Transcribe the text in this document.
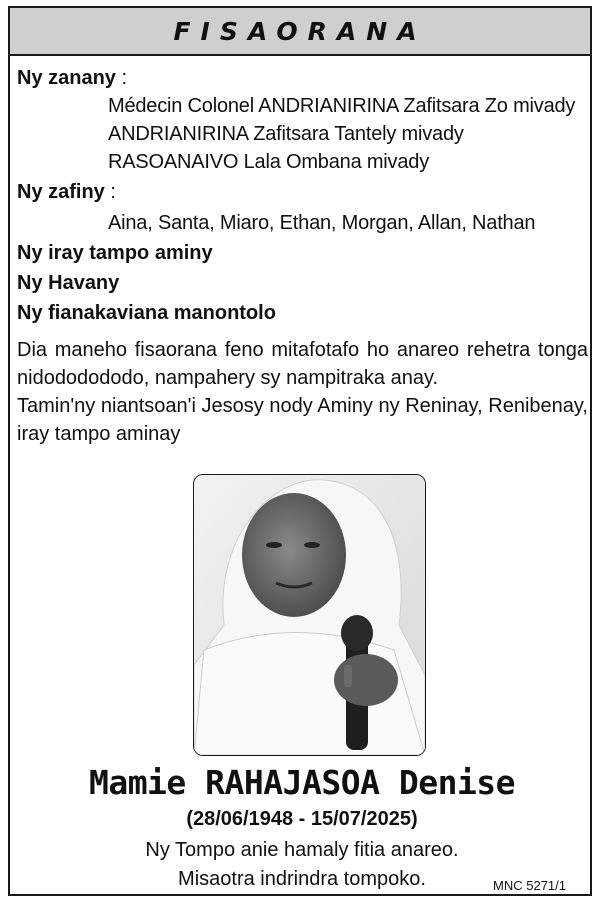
FISAORANA
Ny zanany :
Médecin Colonel ANDRIANIRINA Zafitsara Zo mivady
ANDRIANIRINA Zafitsara Tantely mivady
RASOANAIVO Lala Ombana mivady
Ny zafiny :
Aina, Santa, Miaro, Ethan, Morgan, Allan, Nathan
Ny iray tampo aminy
Ny Havany
Ny fianakaviana manontolo

Dia maneho fisaorana feno mitafotafo ho anareo rehetra tonga nidododododo, nampahery sy nampitraka anay.

Tamin'ny niantsoan'i Jesosy nody Aminy ny Reninay, Renibenay, iray tampo aminay

Mamie RAHAJASOA Denise
(28/06/1948 - 15/07/2025)
Ny Tompo anie hamaly fitia anareo.
Misaotra indrindra tompoko.	MNC 5271/1
